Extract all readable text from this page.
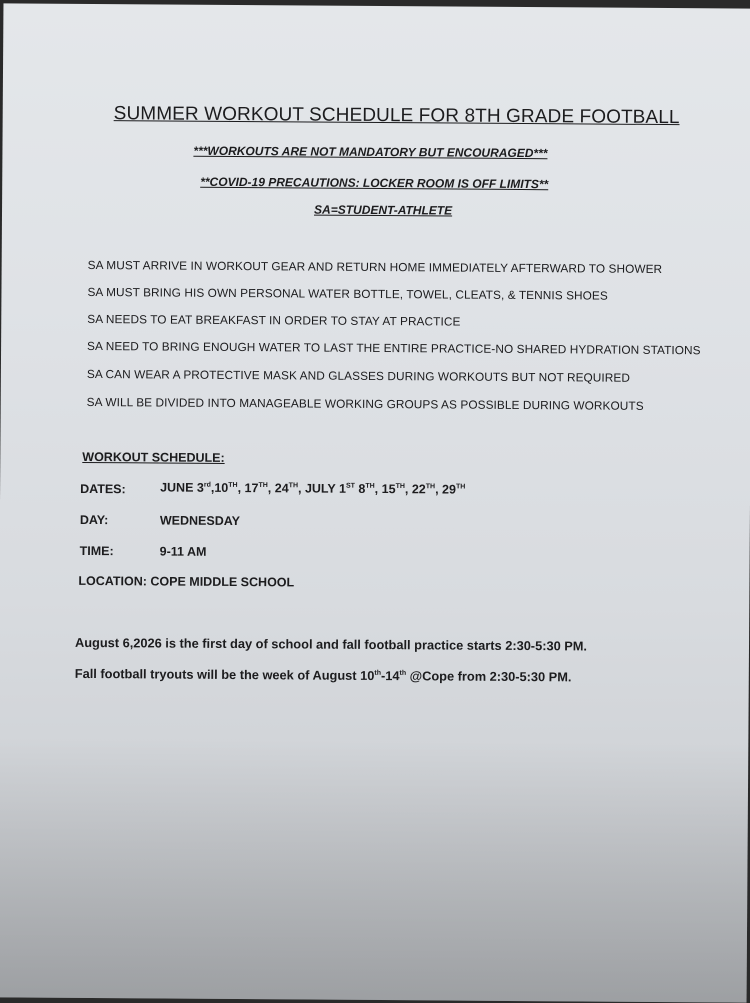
SUMMER WORKOUT SCHEDULE FOR 8TH GRADE FOOTBALL
***WORKOUTS ARE NOT MANDATORY BUT ENCOURAGED***
**COVID-19 PRECAUTIONS: LOCKER ROOM IS OFF LIMITS**
SA=STUDENT-ATHLETE
SA MUST ARRIVE IN WORKOUT GEAR AND RETURN HOME IMMEDIATELY AFTERWARD TO SHOWER
SA MUST BRING HIS OWN PERSONAL WATER BOTTLE, TOWEL, CLEATS, & TENNIS SHOES
SA NEEDS TO EAT BREAKFAST IN ORDER TO STAY AT PRACTICE
SA NEED TO BRING ENOUGH WATER TO LAST THE ENTIRE PRACTICE-NO SHARED HYDRATION STATIONS
SA CAN WEAR A PROTECTIVE MASK AND GLASSES DURING WORKOUTS BUT NOT REQUIRED
SA WILL BE DIVIDED INTO MANAGEABLE WORKING GROUPS AS POSSIBLE DURING WORKOUTS
WORKOUT SCHEDULE:
DATES:	JUNE 3rd,10TH, 17TH, 24TH, JULY 1ST 8TH, 15TH, 22TH, 29TH
DAY:	WEDNESDAY
TIME:	9-11 AM
LOCATION: COPE MIDDLE SCHOOL
August 6,2026 is the first day of school and fall football practice starts 2:30-5:30 PM.
Fall football tryouts will be the week of August 10th-14th @Cope from 2:30-5:30 PM.
